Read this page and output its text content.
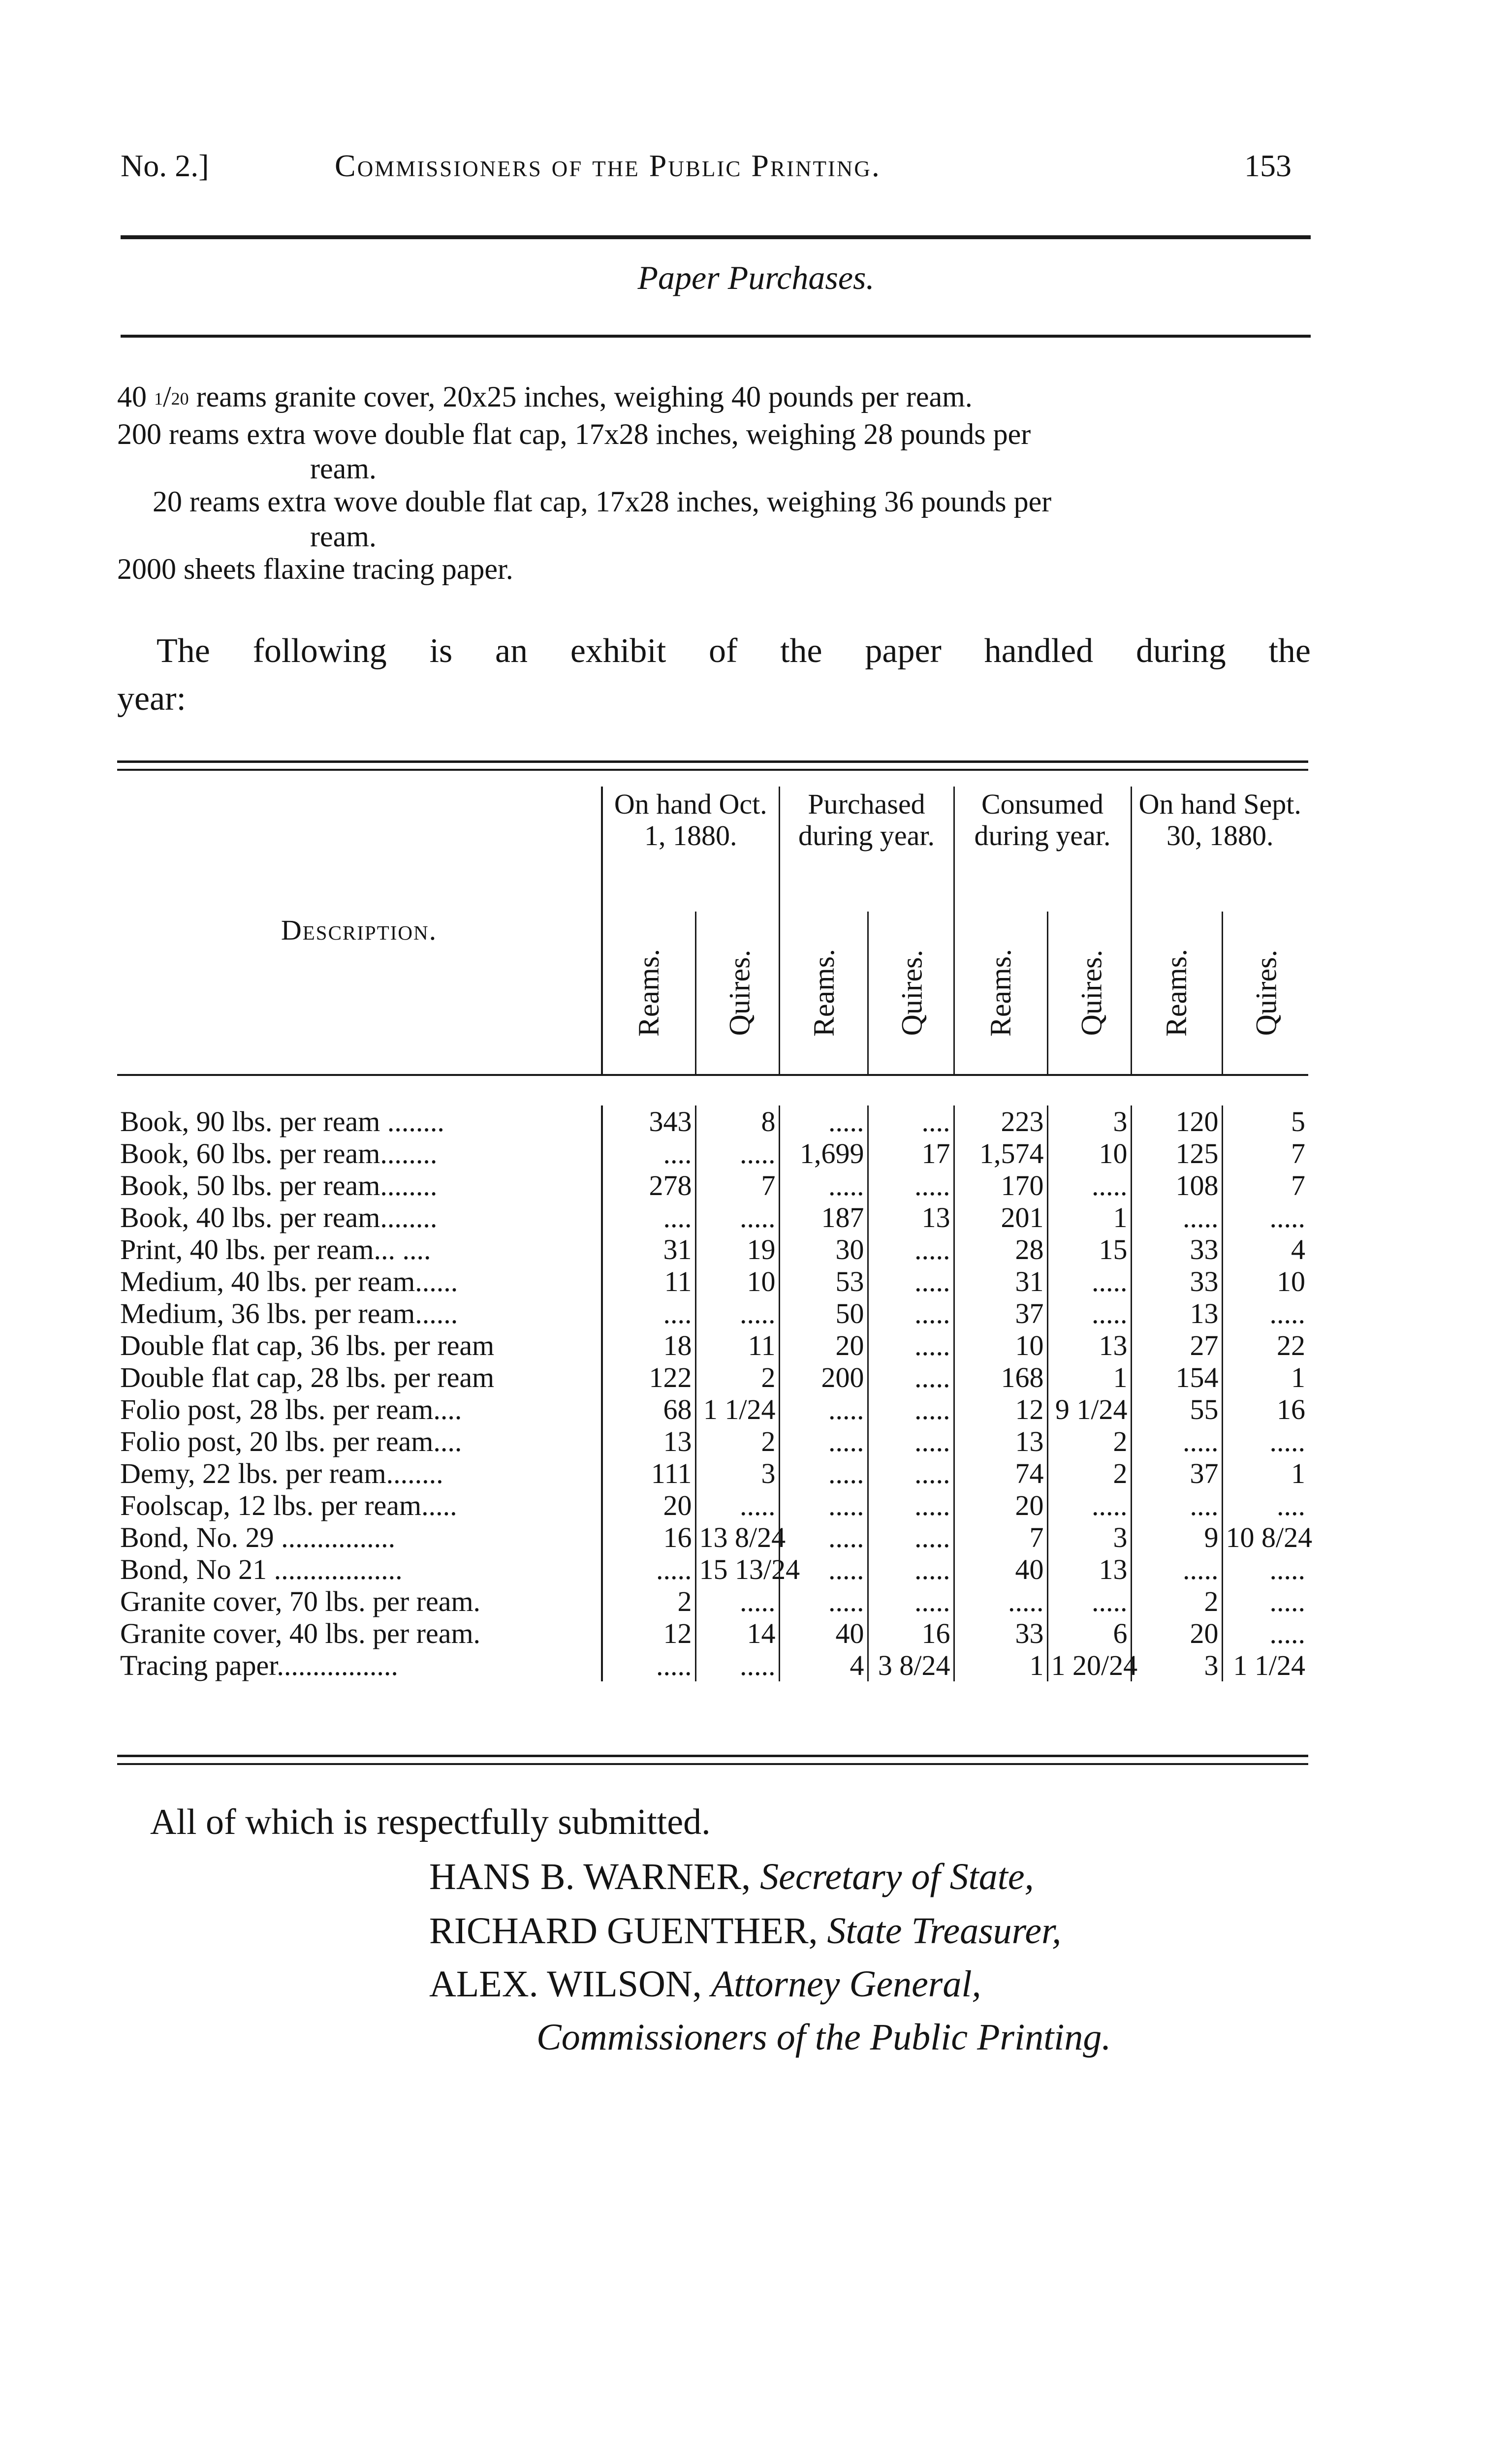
No. 2.]	Commissioners of the Public Printing.	153
Paper Purchases.
40 1/20 reams granite cover, 20x25 inches, weighing 40 pounds per ream.
200 reams extra wove double flat cap, 17x28 inches, weighing 28 pounds per
ream.
20 reams extra wove double flat cap, 17x28 inches, weighing 36 pounds per
ream.
2000 sheets flaxine tracing paper.
The following is an exhibit of the paper handled during the
year:
Description.	On hand Oct. 1, 1880.		Purchased during year.		Consumed during year.		On hand Sept. 30, 1880.	
	Reams.	Quires.	Reams.	Quires.	Reams.	Quires.	Reams.	Quires.

Book, 90 lbs. per ream ........	343	8	.....	....	223	3	120	5
Book, 60 lbs. per ream........	....	.....	1,699	17	1,574	10	125	7
Book, 50 lbs. per ream........	278	7	.....	.....	170	.....	108	7
Book, 40 lbs. per ream........	....	.....	187	13	201	1	.....	.....
Print, 40 lbs. per ream... ....	31	19	30	.....	28	15	33	4
Medium, 40 lbs. per ream......	11	10	53	.....	31	.....	33	10
Medium, 36 lbs. per ream......	....	.....	50	.....	37	.....	13	.....
Double flat cap, 36 lbs. per ream	18	11	20	.....	10	13	27	22
Double flat cap, 28 lbs. per ream	122	2	200	.....	168	1	154	1
Folio post, 28 lbs. per ream....	68	1 1/24	.....	.....	12	9 1/24	55	16
Folio post, 20 lbs. per ream....	13	2	.....	.....	13	2	.....	.....
Demy, 22 lbs. per ream........	111	3	.....	.....	74	2	37	1
Foolscap, 12 lbs. per ream.....	20	.....	.....	.....	20	.....	....	....
Bond, No. 29 ................	16	13 8/24	.....	.....	7	3	9	10 8/24
Bond, No 21 ..................	.....	15 13/24	.....	.....	40	13	.....	.....
Granite cover, 70 lbs. per ream.	2	.....	.....	.....	.....	.....	2	.....
Granite cover, 40 lbs. per ream.	12	14	40	16	33	6	20	.....
Tracing paper.................	.....	.....	4	3 8/24	1	1 20/24	3	1 1/24
All of which is respectfully submitted.
HANS B. WARNER, Secretary of State,
RICHARD GUENTHER, State Treasurer,
ALEX. WILSON, Attorney General,
Commissioners of the Public Printing.
